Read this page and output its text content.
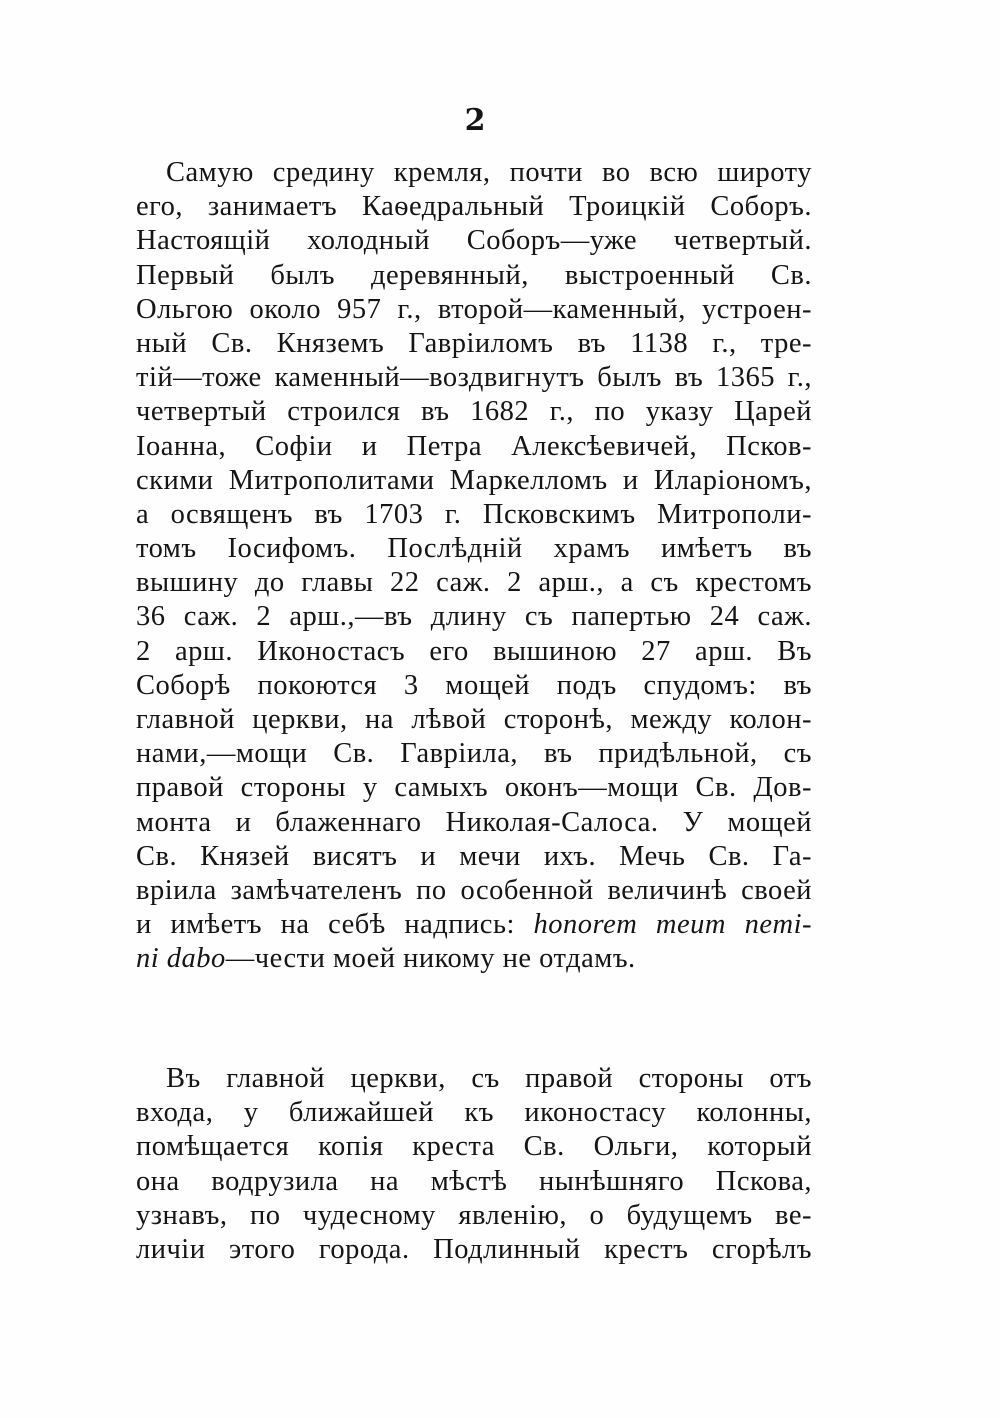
2
Самую средину кремля, почти во всю широту
его, занимаетъ Каѳедральный Троицкій Соборъ.
Настоящій холодный Соборъ—уже четвертый.
Первый былъ деревянный, выстроенный Св.
Ольгою около 957 г., второй—каменный, устроен-
ный Св. Княземъ Гавріиломъ въ 1138 г., тре-
тій—тоже каменный—воздвигнутъ былъ въ 1365 г.,
четвертый строился въ 1682 г., по указу Царей
Іоанна, Софіи и Петра Алексѣевичей, Псков-
скими Митрополитами Маркелломъ и Иларіономъ,
а освященъ въ 1703 г. Псковскимъ Митрополи-
томъ Іосифомъ. Послѣдній храмъ имѣетъ въ
вышину до главы 22 саж. 2 арш., а съ крестомъ
36 саж. 2 арш.,—въ длину съ папертью 24 саж.
2 арш. Иконостасъ его вышиною 27 арш. Въ
Соборѣ покоются 3 мощей подъ спудомъ: въ
главной церкви, на лѣвой сторонѣ, между колон-
нами,—мощи Св. Гавріила, въ придѣльной, съ
правой стороны у самыхъ оконъ—мощи Св. Дов-
монта и блаженнаго Николая-Салоса. У мощей
Св. Князей висятъ и мечи ихъ. Мечь Св. Га-
вріила замѣчателенъ по особенной величинѣ своей
и имѣетъ на себѣ надпись: honorem meum nemi-
ni dabo—чести моей никому не отдамъ.
Въ главной церкви, съ правой стороны отъ
входа, у ближайшей къ иконостасу колонны,
помѣщается копія креста Св. Ольги, который
она водрузила на мѣстѣ нынѣшняго Пскова,
узнавъ, по чудесному явленію, о будущемъ ве-
личіи этого города. Подлинный крестъ сгорѣлъ
